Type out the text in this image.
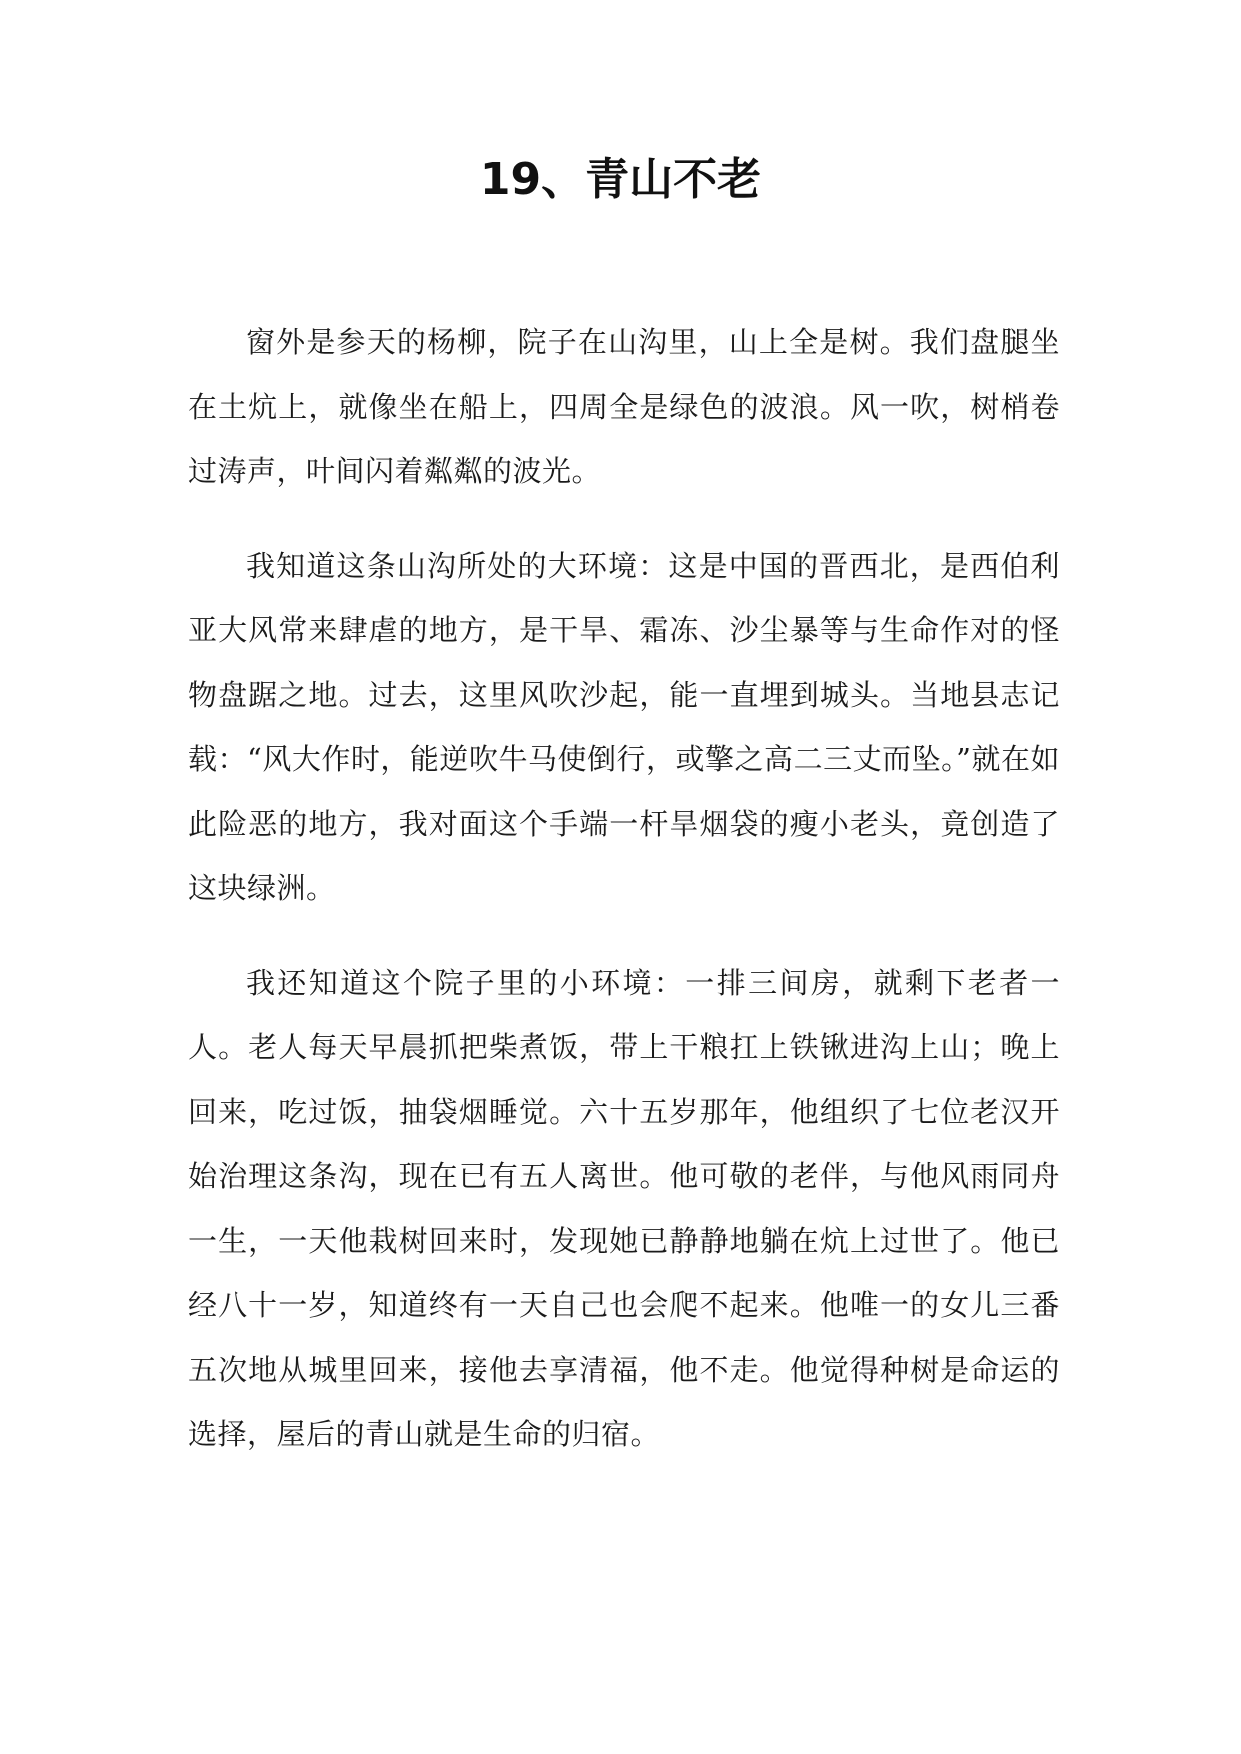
19、青山不老

窗外是参天的杨柳，院子在山沟里，山上全是树。我们盘腿坐在土炕上，就像坐在船上，四周全是绿色的波浪。风一吹，树梢卷过涛声，叶间闪着粼粼的波光。

我知道这条山沟所处的大环境：这是中国的晋西北，是西伯利亚大风常来肆虐的地方，是干旱、霜冻、沙尘暴等与生命作对的怪物盘踞之地。过去，这里风吹沙起，能一直埋到城头。当地县志记载：“风大作时，能逆吹牛马使倒行，或擎之高二三丈而坠。”就在如此险恶的地方，我对面这个手端一杆旱烟袋的瘦小老头，竟创造了这块绿洲。

我还知道这个院子里的小环境：一排三间房，就剩下老者一人。老人每天早晨抓把柴煮饭，带上干粮扛上铁锹进沟上山；晚上回来，吃过饭，抽袋烟睡觉。六十五岁那年，他组织了七位老汉开始治理这条沟，现在已有五人离世。他可敬的老伴，与他风雨同舟一生，一天他栽树回来时，发现她已静静地躺在炕上过世了。他已经八十一岁，知道终有一天自己也会爬不起来。他唯一的女儿三番五次地从城里回来，接他去享清福，他不走。他觉得种树是命运的选择，屋后的青山就是生命的归宿。
